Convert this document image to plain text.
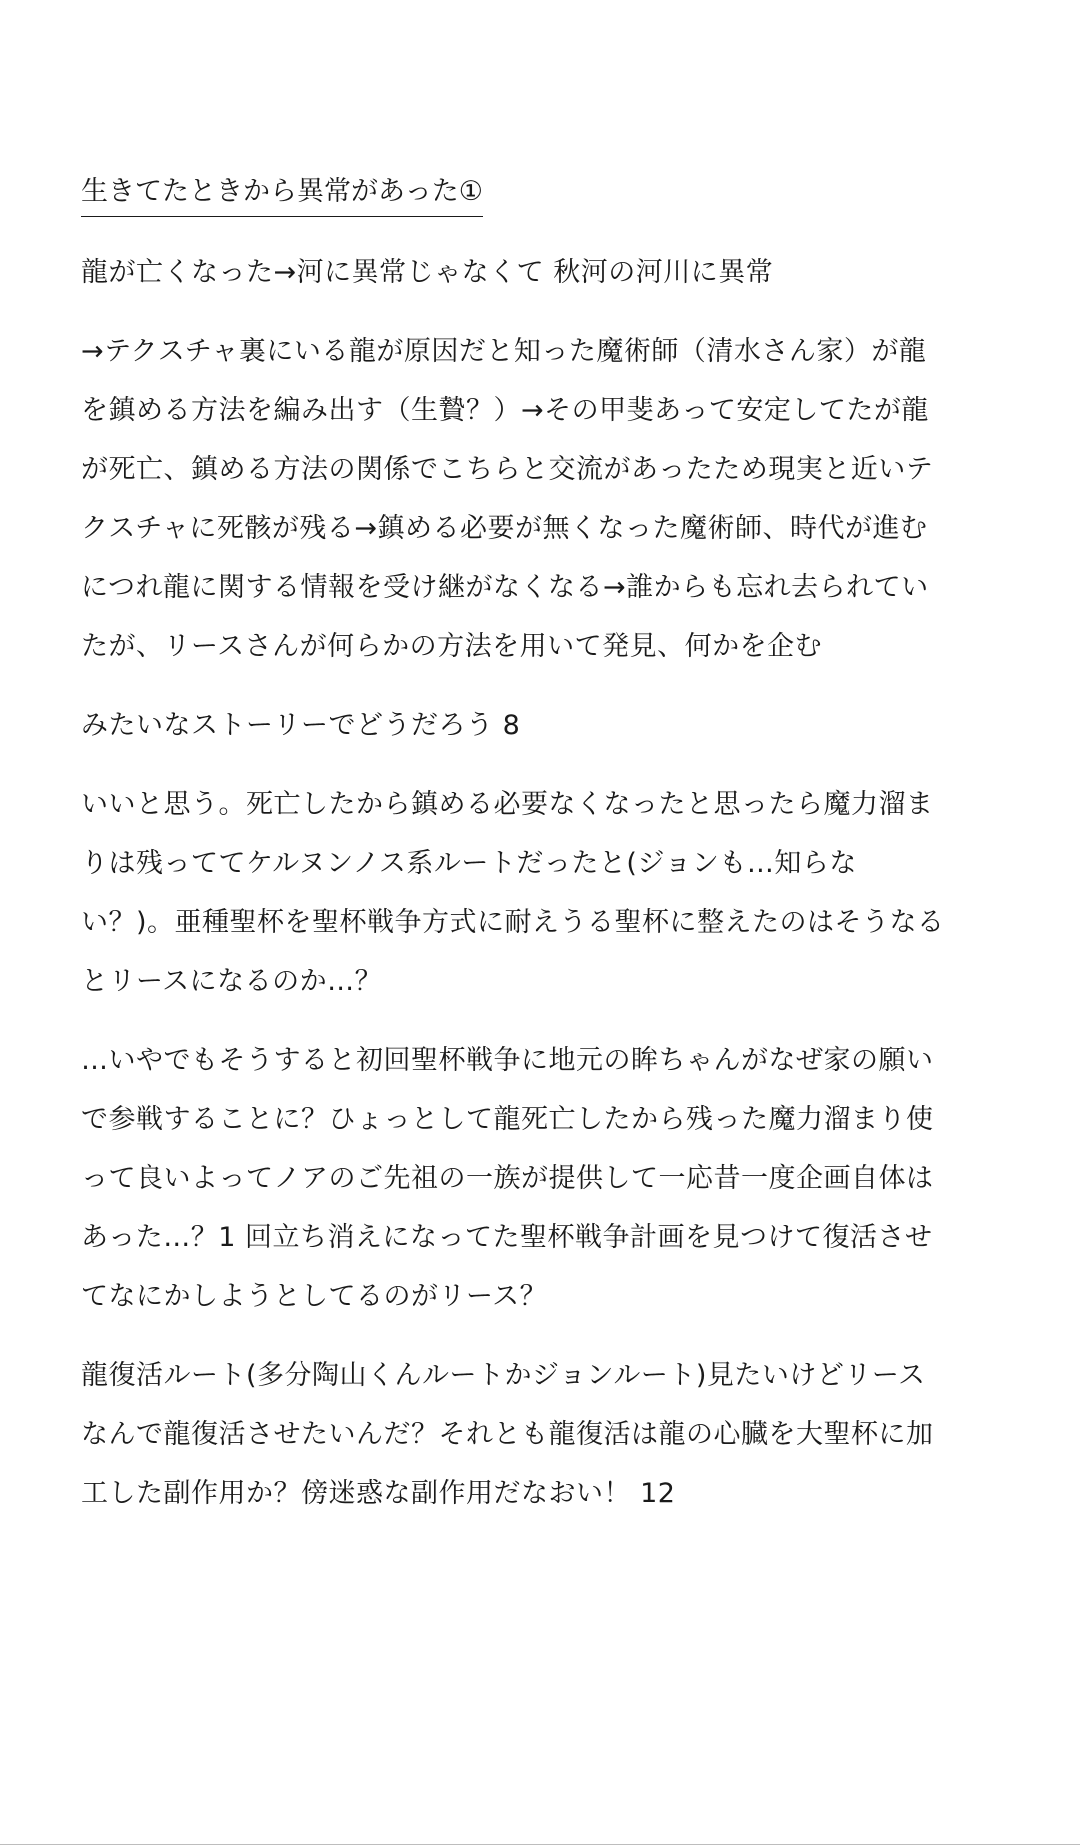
生きてたときから異常があった①
龍が亡くなった→河に異常じゃなくて 秋河の河川に異常
→テクスチャ裏にいる龍が原因だと知った魔術師（清水さん家）が龍
を鎮める方法を編み出す（生贄？）→その甲斐あって安定してたが龍
が死亡、鎮める方法の関係でこちらと交流があったため現実と近いテ
クスチャに死骸が残る→鎮める必要が無くなった魔術師、時代が進む
につれ龍に関する情報を受け継がなくなる→誰からも忘れ去られてい
たが、リースさんが何らかの方法を用いて発見、何かを企む
みたいなストーリーでどうだろう 8
いいと思う。死亡したから鎮める必要なくなったと思ったら魔力溜ま
りは残っててケルヌンノス系ルートだったと(ジョンも…知らな
い？)。亜種聖杯を聖杯戦争方式に耐えうる聖杯に整えたのはそうなる
とリースになるのか…？
…いやでもそうすると初回聖杯戦争に地元の眸ちゃんがなぜ家の願い
で参戦することに？ひょっとして龍死亡したから残った魔力溜まり使
って良いよってノアのご先祖の一族が提供して一応昔一度企画自体は
あった…？1 回立ち消えになってた聖杯戦争計画を見つけて復活させ
てなにかしようとしてるのがリース？
龍復活ルート(多分陶山くんルートかジョンルート)見たいけどリース
なんで龍復活させたいんだ？それとも龍復活は龍の心臓を大聖杯に加
工した副作用か？傍迷惑な副作用だなおい！ 12
